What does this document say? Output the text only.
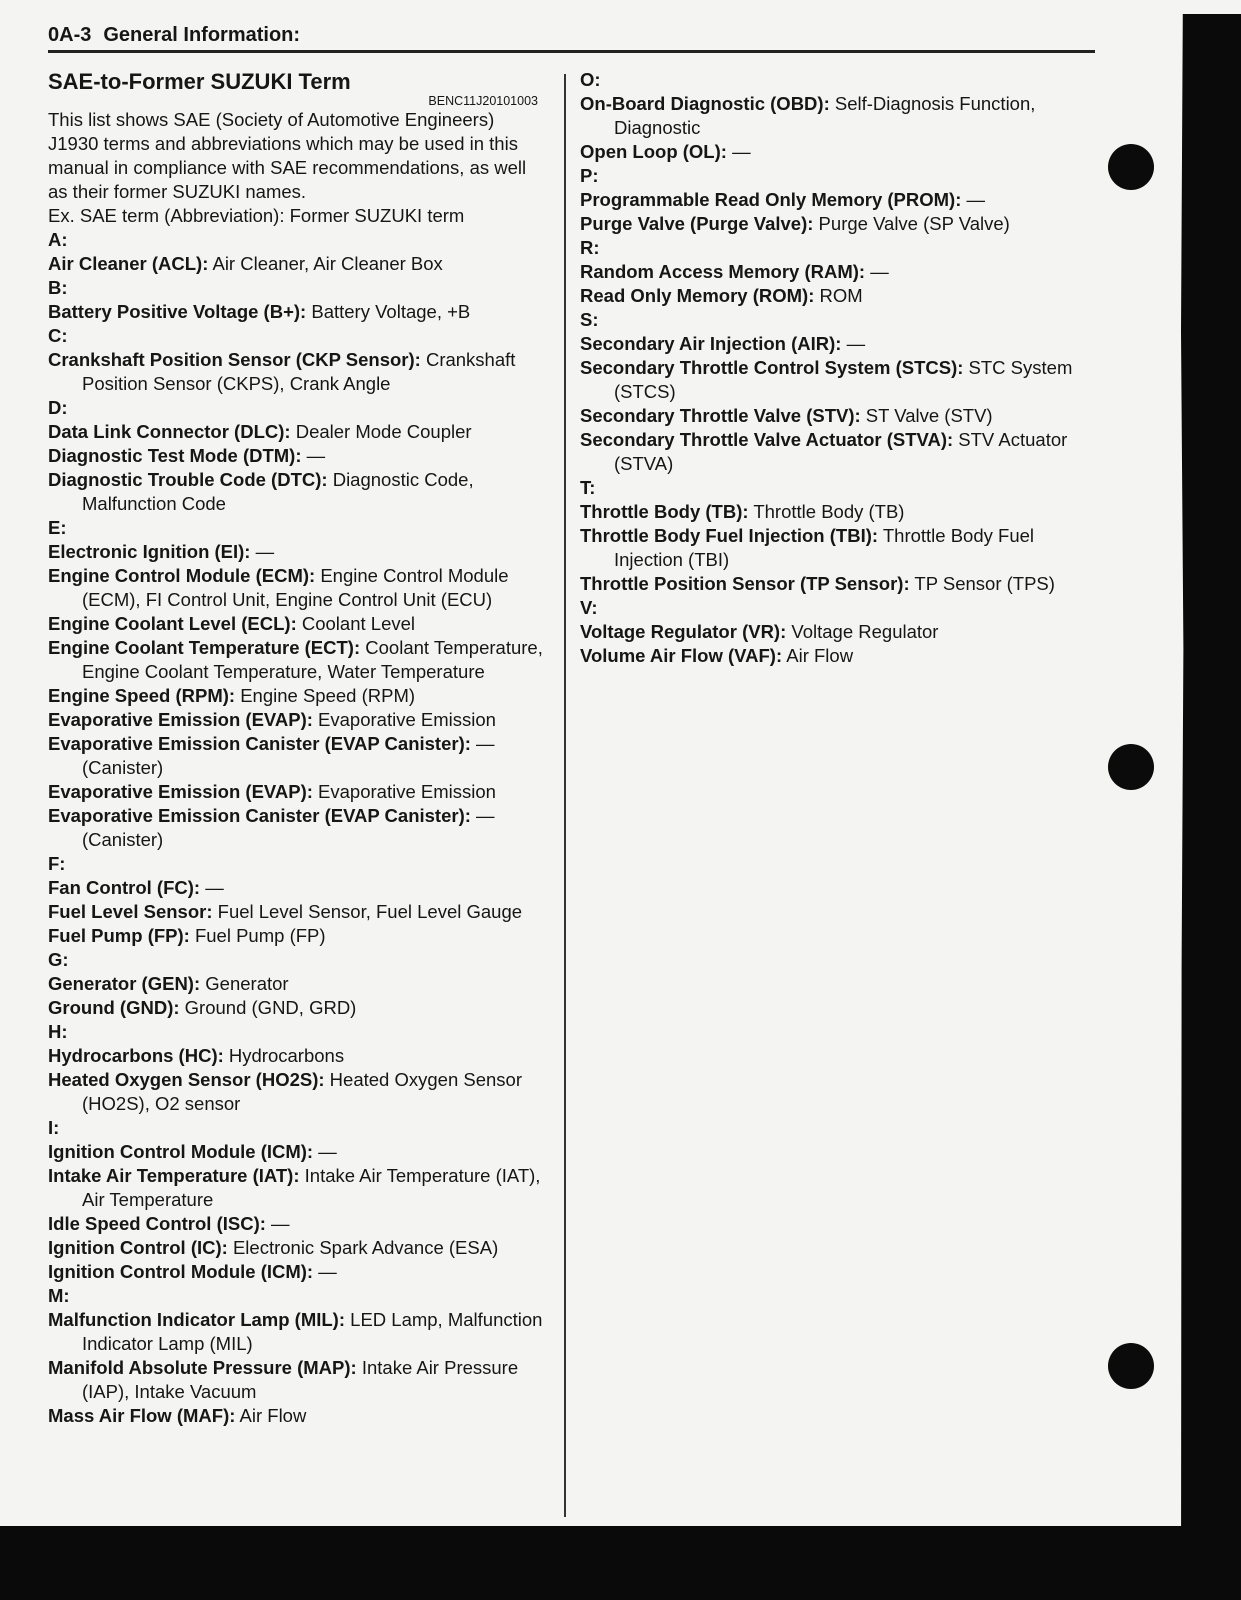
0A-3 General Information:
SAE-to-Former SUZUKI Term
BENC11J20101003
This list shows SAE (Society of Automotive Engineers) J1930 terms and abbreviations which may be used in this manual in compliance with SAE recommendations, as well as their former SUZUKI names.
Ex. SAE term (Abbreviation): Former SUZUKI term
A:
Air Cleaner (ACL): Air Cleaner, Air Cleaner Box
B:
Battery Positive Voltage (B+): Battery Voltage, +B
C:
Crankshaft Position Sensor (CKP Sensor): Crankshaft Position Sensor (CKPS), Crank Angle
D:
Data Link Connector (DLC): Dealer Mode Coupler
Diagnostic Test Mode (DTM): —
Diagnostic Trouble Code (DTC): Diagnostic Code, Malfunction Code
E:
Electronic Ignition (EI): —
Engine Control Module (ECM): Engine Control Module (ECM), FI Control Unit, Engine Control Unit (ECU)
Engine Coolant Level (ECL): Coolant Level
Engine Coolant Temperature (ECT): Coolant Temperature, Engine Coolant Temperature, Water Temperature
Engine Speed (RPM): Engine Speed (RPM)
Evaporative Emission (EVAP): Evaporative Emission
Evaporative Emission Canister (EVAP Canister): — (Canister)
Evaporative Emission (EVAP): Evaporative Emission
Evaporative Emission Canister (EVAP Canister): — (Canister)
F:
Fan Control (FC): —
Fuel Level Sensor: Fuel Level Sensor, Fuel Level Gauge
Fuel Pump (FP): Fuel Pump (FP)
G:
Generator (GEN): Generator
Ground (GND): Ground (GND, GRD)
H:
Hydrocarbons (HC): Hydrocarbons
Heated Oxygen Sensor (HO2S): Heated Oxygen Sensor (HO2S), O2 sensor
I:
Ignition Control Module (ICM): —
Intake Air Temperature (IAT): Intake Air Temperature (IAT), Air Temperature
Idle Speed Control (ISC): —
Ignition Control (IC): Electronic Spark Advance (ESA)
Ignition Control Module (ICM): —
M:
Malfunction Indicator Lamp (MIL): LED Lamp, Malfunction Indicator Lamp (MIL)
Manifold Absolute Pressure (MAP): Intake Air Pressure (IAP), Intake Vacuum
Mass Air Flow (MAF): Air Flow
O:
On-Board Diagnostic (OBD): Self-Diagnosis Function, Diagnostic
Open Loop (OL): —
P:
Programmable Read Only Memory (PROM): —
Purge Valve (Purge Valve): Purge Valve (SP Valve)
R:
Random Access Memory (RAM): —
Read Only Memory (ROM): ROM
S:
Secondary Air Injection (AIR): —
Secondary Throttle Control System (STCS): STC System (STCS)
Secondary Throttle Valve (STV): ST Valve (STV)
Secondary Throttle Valve Actuator (STVA): STV Actuator (STVA)
T:
Throttle Body (TB): Throttle Body (TB)
Throttle Body Fuel Injection (TBI): Throttle Body Fuel Injection (TBI)
Throttle Position Sensor (TP Sensor): TP Sensor (TPS)
V:
Voltage Regulator (VR): Voltage Regulator
Volume Air Flow (VAF): Air Flow
